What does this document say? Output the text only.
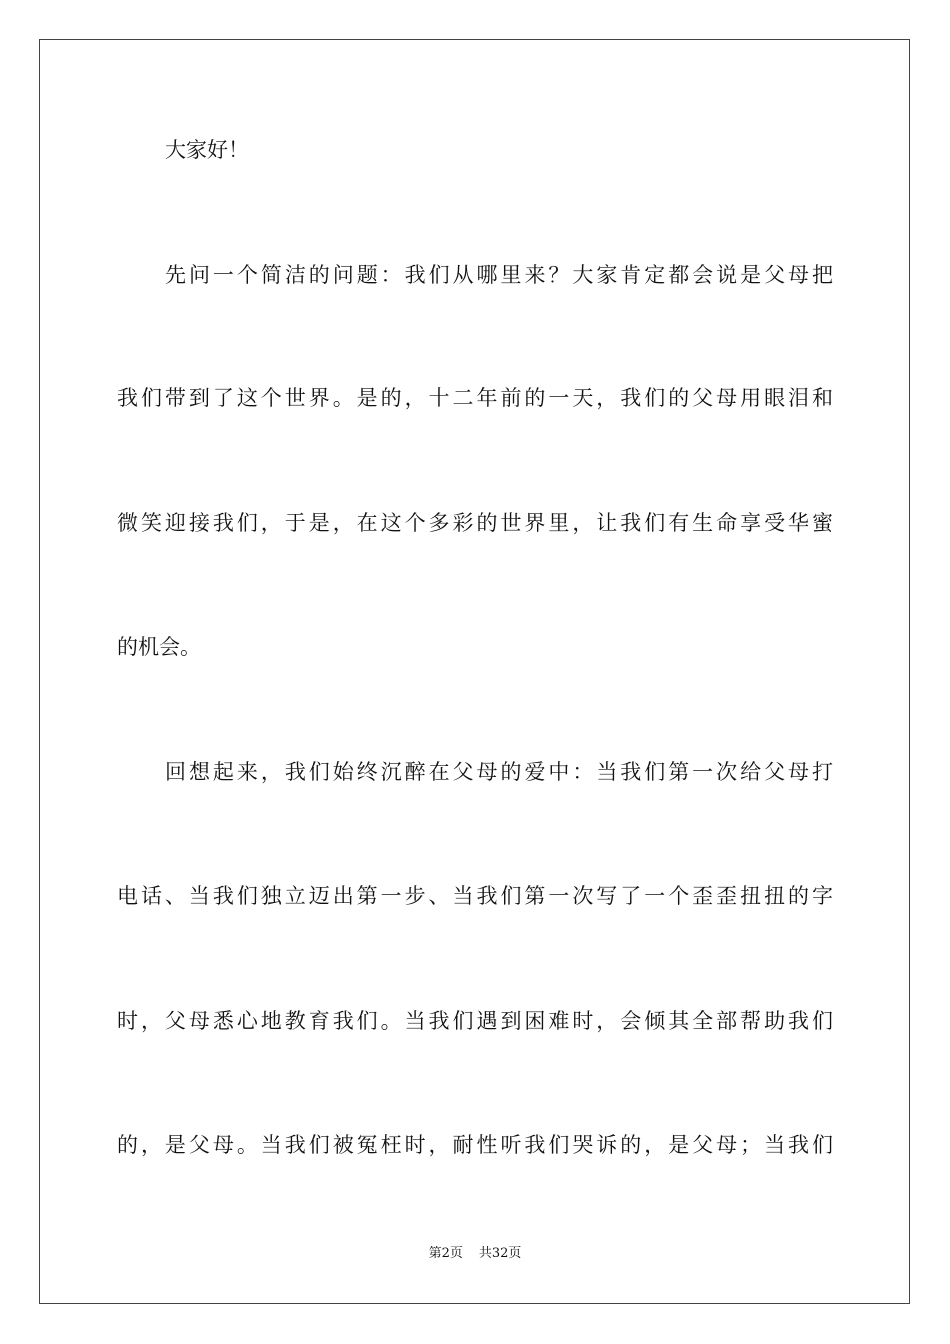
大家好！
先问一个简洁的问题：我们从哪里来？大家肯定都会说是父母把
我们带到了这个世界。是的，十二年前的一天，我们的父母用眼泪和
微笑迎接我们，于是，在这个多彩的世界里，让我们有生命享受华蜜
的机会。
回想起来，我们始终沉醉在父母的爱中：当我们第一次给父母打
电话、当我们独立迈出第一步、当我们第一次写了一个歪歪扭扭的字
时，父母悉心地教育我们。当我们遇到困难时，会倾其全部帮助我们
的，是父母。当我们被冤枉时，耐性听我们哭诉的，是父母；当我们
第2页 共32页
